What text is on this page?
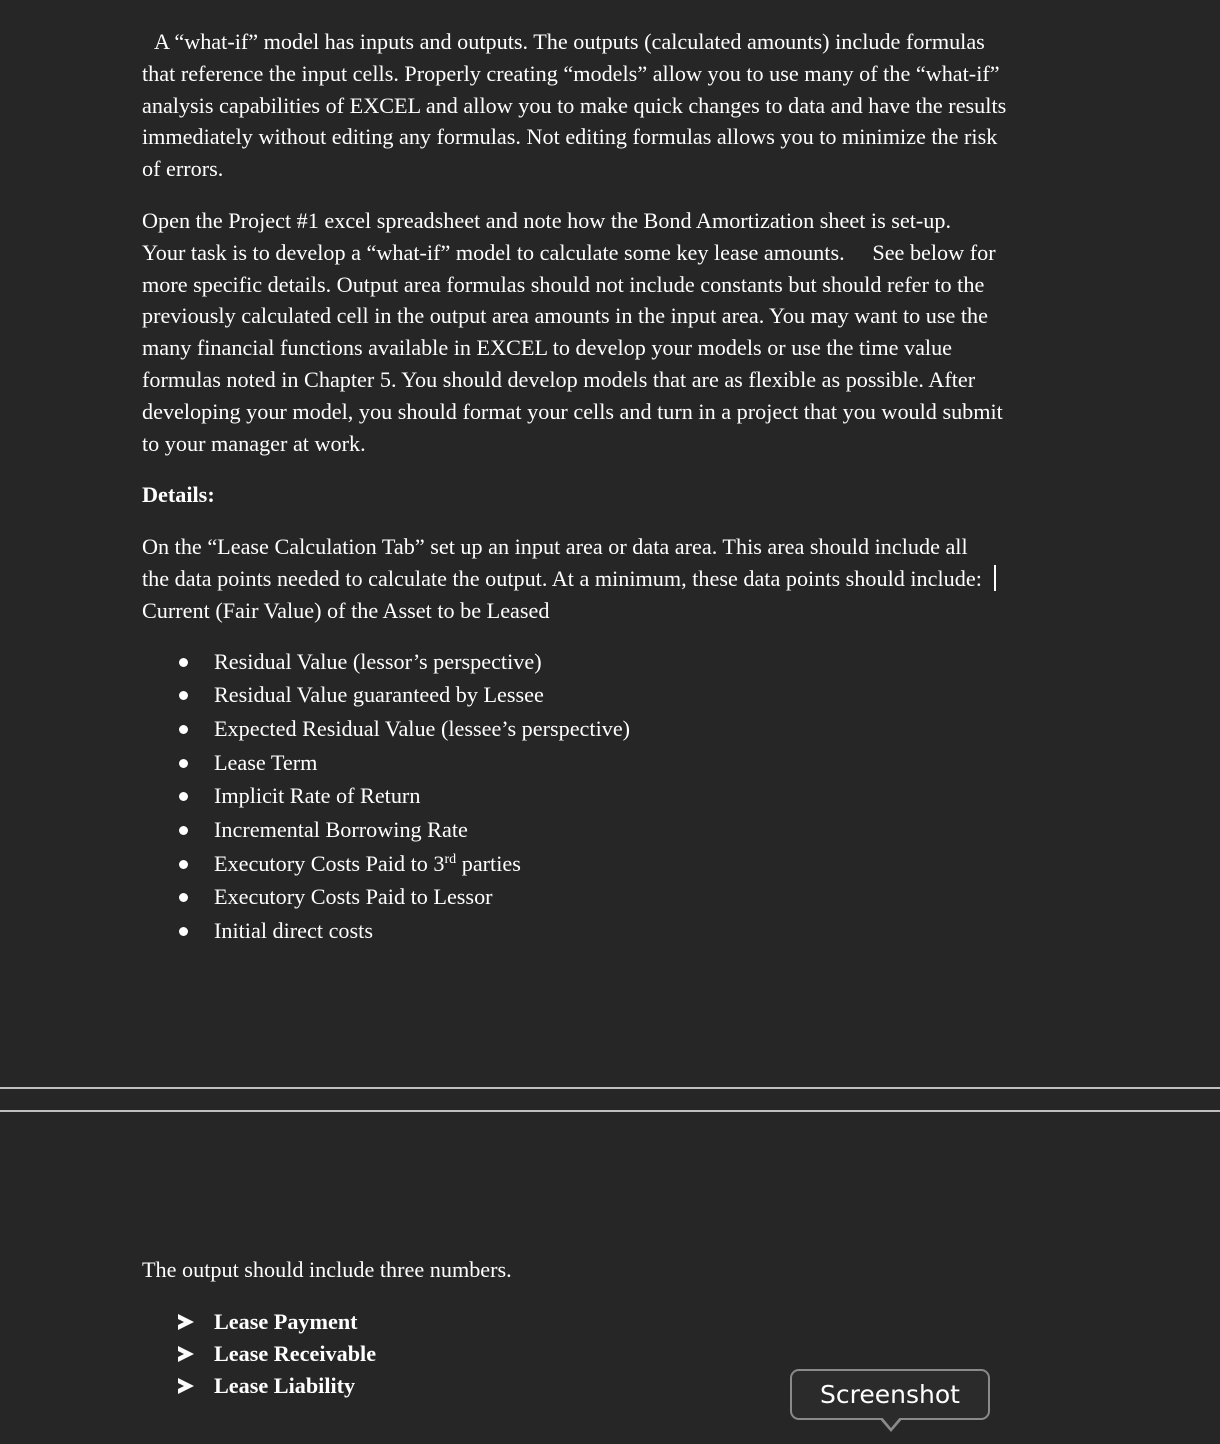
A “what-if” model has inputs and outputs. The outputs (calculated amounts) include formulas
that reference the input cells. Properly creating “models” allow you to use many of the “what-if”
analysis capabilities of EXCEL and allow you to make quick changes to data and have the results
immediately without editing any formulas. Not editing formulas allows you to minimize the risk
of errors.

Open the Project #1 excel spreadsheet and note how the Bond Amortization sheet is set-up.
Your task is to develop a “what-if” model to calculate some key lease amounts.     See below for
more specific details. Output area formulas should not include constants but should refer to the
previously calculated cell in the output area amounts in the input area. You may want to use the
many financial functions available in EXCEL to develop your models or use the time value
formulas noted in Chapter 5. You should develop models that are as flexible as possible. After
developing your model, you should format your cells and turn in a project that you would submit
to your manager at work.

Details:

On the “Lease Calculation Tab” set up an input area or data area. This area should include all
the data points needed to calculate the output. At a minimum, these data points should include:
Current (Fair Value) of the Asset to be Leased

Residual Value (lessor’s perspective)
Residual Value guaranteed by Lessee
Expected Residual Value (lessee’s perspective)
Lease Term
Implicit Rate of Return
Incremental Borrowing Rate
Executory Costs Paid to 3rd parties
Executory Costs Paid to Lessor
Initial direct costs

The output should include three numbers.

Lease Payment
Lease Receivable
Lease Liability	Screenshot
